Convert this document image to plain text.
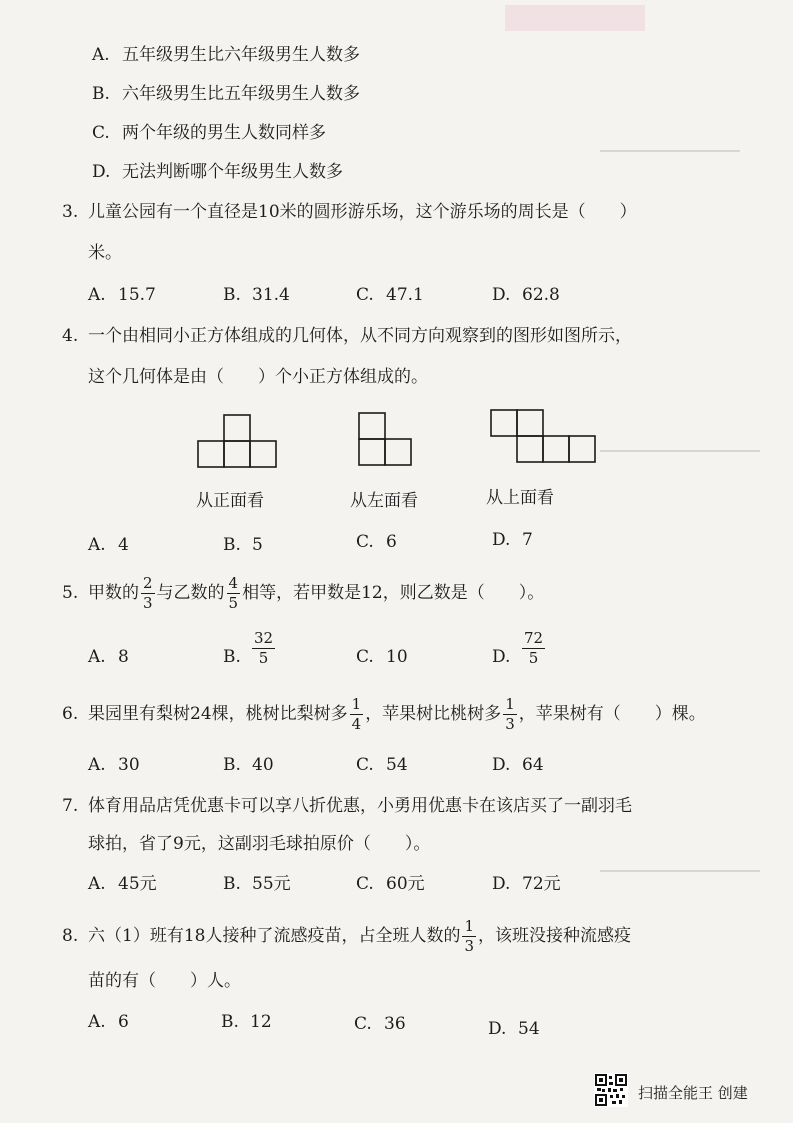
A. 五年级男生比六年级男生人数多
B. 六年级男生比五年级男生人数多
C. 两个年级的男生人数同样多
D. 无法判断哪个年级男生人数多
3. 儿童公园有一个直径是10米的圆形游乐场，这个游乐场的周长是（　　）
米。
A. 15.7	B. 31.4	C. 47.1	D. 62.8
4. 一个由相同小正方体组成的几何体，从不同方向观察到的图形如图所示，
这个几何体是由（　　）个小正方体组成的。
从正面看	从左面看	从上面看
A. 4	B. 5	C. 6	D. 7
5. 甲数的 $\frac{2}{3}$ 与乙数的 $\frac{4}{5}$ 相等，若甲数是12，则乙数是（　　）。
A. 8	B. $\frac{32}{5}$	C. 10	D. $\frac{72}{5}$
6. 果园里有梨树24棵，桃树比梨树多 $\frac{1}{4}$ ，苹果树比桃树多 $\frac{1}{3}$ ，苹果树有（　　）棵。
A. 30	B. 40	C. 54	D. 64
7. 体育用品店凭优惠卡可以享八折优惠，小勇用优惠卡在该店买了一副羽毛
球拍，省了9元，这副羽毛球拍原价（　　）。
A. 45元	B. 55元	C. 60元	D. 72元
8. 六（1）班有18人接种了流感疫苗，占全班人数的 $\frac{1}{3}$ ，该班没接种流感疫
苗的有（　　）人。
A. 6	B. 12	C. 36	D. 54
扫描全能王 创建
